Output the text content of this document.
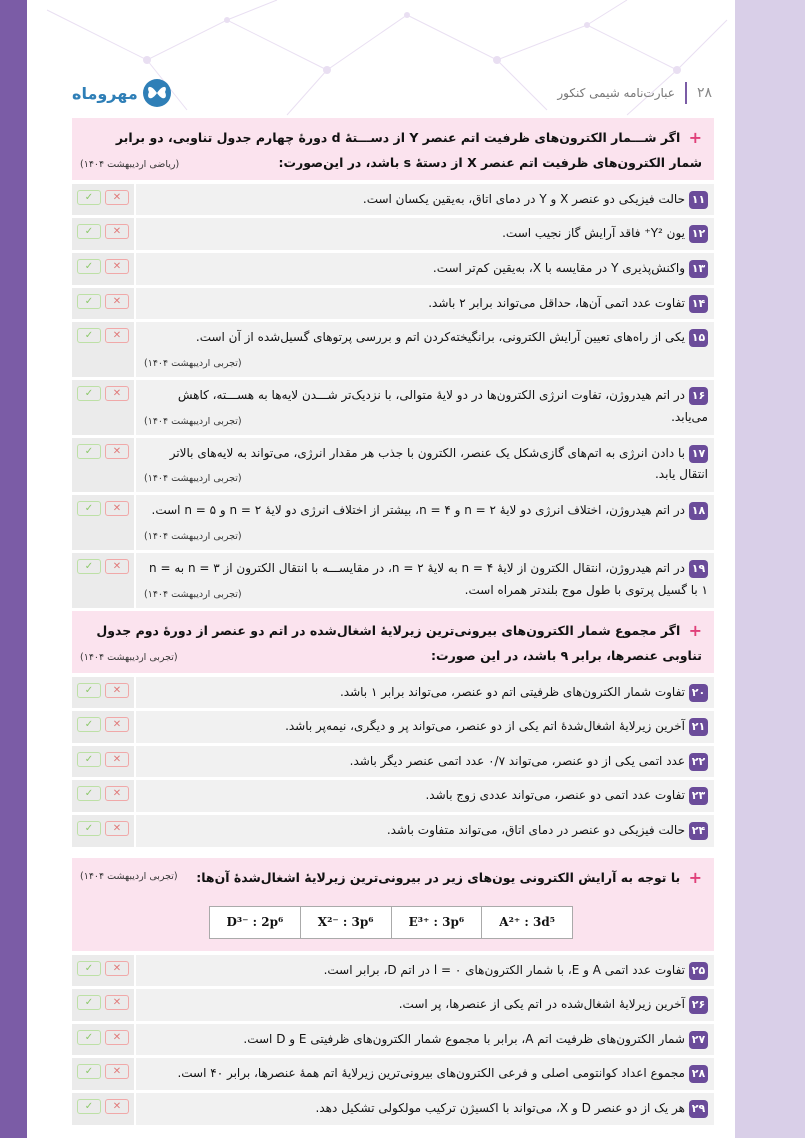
مهروماه	۲۸
عبارت‌نامه شیمی کنکور
+ اگر شـــمار الکترون‌های ظرفیت اتم عنصر Y از دســـتهٔ d دورهٔ چهارم جدول تناوبی، دو برابر شمار الکترون‌های ظرفیت اتم عنصر X از دستهٔ s باشد، در این‌صورت:
(ریاضی اردیبهشت ۱۴۰۴)
۱۱حالت فیزیکی دو عنصر X و Y در دمای اتاق، به‌یقین یکسان است.
✓	✕
۱۲یون Y²⁺ فاقد آرایش گاز نجیب است.
✓	✕
۱۳واکنش‌پذیری Y در مقایسه با X، به‌یقین کم‌تر است.
✓	✕
۱۴تفاوت عدد اتمی آن‌ها، حداقل می‌تواند برابر ۲ باشد.
✓	✕
۱۵یکی از راه‌های تعیین آرایش الکترونی، برانگیخته‌کردن اتم و بررسی پرتوهای گسیل‌شده از آن است.
(تجربی اردیبهشت ۱۴۰۴)
✓	✕
۱۶در اتم هیدروژن، تفاوت انرژی الکترون‌ها در دو لایهٔ متوالی، با نزدیک‌تر شـــدن لایه‌ها به هســـته، کاهش می‌یابد.
(تجربی اردیبهشت ۱۴۰۴)
✓	✕
۱۷با دادن انرژی به اتم‌های گازی‌شکل یک عنصر، الکترون با جذب هر مقدار انرژی، می‌تواند به لایه‌های بالاتر انتقال یابد.
(تجربی اردیبهشت ۱۴۰۴)
✓	✕
۱۸در اتم هیدروژن، اختلاف انرژی دو لایهٔ n = ۲ و n = ۴، بیشتر از اختلاف انرژی دو لایهٔ n = ۲ و n = ۵ است.
(تجربی اردیبهشت ۱۴۰۴)
✓	✕
۱۹در اتم هیدروژن، انتقال الکترون از لایهٔ n = ۴ به لایهٔ n = ۲، در مقایســـه با انتقال الکترون از n = ۳ به n = ۱ با گسیل پرتوی با طول موج بلندتر همراه است.
(تجربی اردیبهشت ۱۴۰۴)
✓	✕
+ اگر مجموع شمار الکترون‌های بیرونی‌ترین زیرلایهٔ اشغال‌شده در اتم دو عنصر از دورهٔ دوم جدول تناوبی عنصرها، برابر ۹ باشد، در این صورت:
(تجربی اردیبهشت ۱۴۰۴)
۲۰تفاوت شمار الکترون‌های ظرفیتی اتم دو عنصر، می‌تواند برابر ۱ باشد.
✓	✕
۲۱آخرین زیرلایهٔ اشغال‌شدهٔ اتم یکی از دو عنصر، می‌تواند پر و دیگری، نیمه‌پر باشد.
✓	✕
۲۲عدد اتمی یکی از دو عنصر، می‌تواند ۰/۷ عدد اتمی عنصر دیگر باشد.
✓	✕
۲۳تفاوت عدد اتمی دو عنصر، می‌تواند عددی زوج باشد.
✓	✕
۲۴حالت فیزیکی دو عنصر در دمای اتاق، می‌تواند متفاوت باشد.
✓	✕
+ با توجه به آرایش الکترونی یون‌های زیر در بیرونی‌ترین زیرلایهٔ اشغال‌شدهٔ آن‌ها:
(تجربی اردیبهشت ۱۴۰۴)
D³⁻ : 2p⁶	X²⁻ : 3p⁶	E³⁺ : 3p⁶	A²⁺ : 3d⁵
۲۵تفاوت عدد اتمی A و E، با شمار الکترون‌های l = ۰ در اتم D، برابر است.
✓	✕
۲۶آخرین زیرلایهٔ اشغال‌شده در اتم یکی از عنصرها، پر است.
✓	✕
۲۷شمار الکترون‌های ظرفیت اتم A، برابر با مجموع شمار الکترون‌های ظرفیتی E و D است.
✓	✕
۲۸مجموع اعداد کوانتومی اصلی و فرعی الکترون‌های بیرونی‌ترین زیرلایهٔ اتم همهٔ عنصرها، برابر ۴۰ است.
✓	✕
۲۹هر یک از دو عنصر D و X، می‌تواند با اکسیژن ترکیب مولکولی تشکیل دهد.
✓	✕
